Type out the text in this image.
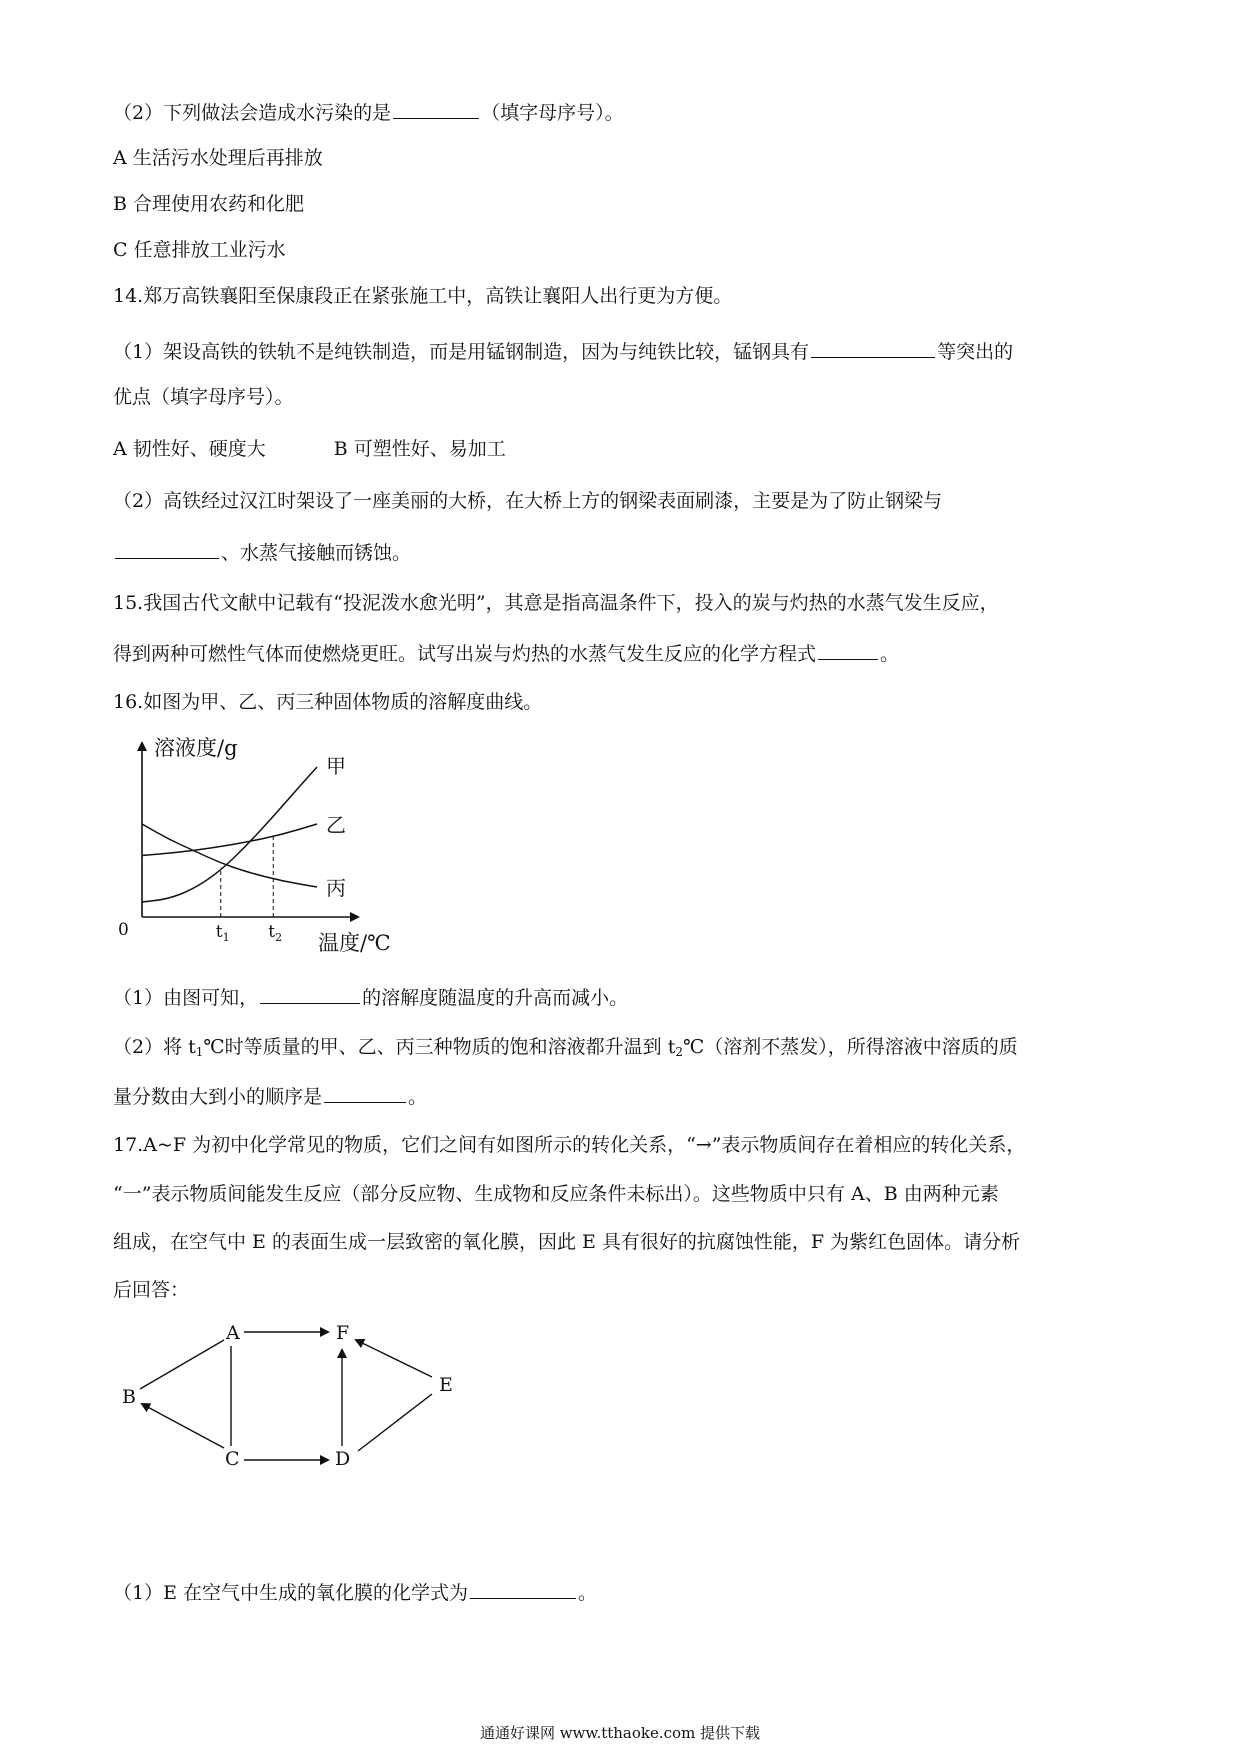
（2）下列做法会造成水污染的是	（填字母序号）。
A 生活污水处理后再排放
B 合理使用农药和化肥
C 任意排放工业污水
14.郑万高铁襄阳至保康段正在紧张施工中，高铁让襄阳人出行更为方便。
（1）架设高铁的铁轨不是纯铁制造，而是用锰钢制造，因为与纯铁比较，锰钢具有	等突出的
优点（填字母序号）。
A 韧性好、硬度大	B 可塑性好、易加工
（2）高铁经过汉江时架设了一座美丽的大桥，在大桥上方的钢梁表面刷漆，主要是为了防止钢梁与
、水蒸气接触而锈蚀。
15.我国古代文献中记载有“投泥泼水愈光明”，其意是指高温条件下，投入的炭与灼热的水蒸气发生反应，
得到两种可燃性气体而使燃烧更旺。试写出炭与灼热的水蒸气发生反应的化学方程式	。
16.如图为甲、乙、丙三种固体物质的溶解度曲线。
溶液度/g
温度/℃
0	$t_1$ $t_2$
甲
乙
丙
（1）由图可知，	的溶解度随温度的升高而减小。
（2）将 $t_1℃$时等质量的甲、乙、丙三种物质的饱和溶液都升温到 $t_2℃$（溶剂不蒸发），所得溶液中溶质的质
量分数由大到小的顺序是	。
17.A~F 为初中化学常见的物质，它们之间有如图所示的转化关系，“→”表示物质间存在着相应的转化关系，
“一”表示物质间能发生反应（部分反应物、生成物和反应条件未标出）。这些物质中只有 A、B 由两种元素
组成，在空气中 E 的表面生成一层致密的氧化膜，因此 E 具有很好的抗腐蚀性能，F 为紫红色固体。请分析
后回答：
A	F
B
E
C	D
（1）E 在空气中生成的氧化膜的化学式为	。
通通好课网 www.tthaoke.com 提供下载
